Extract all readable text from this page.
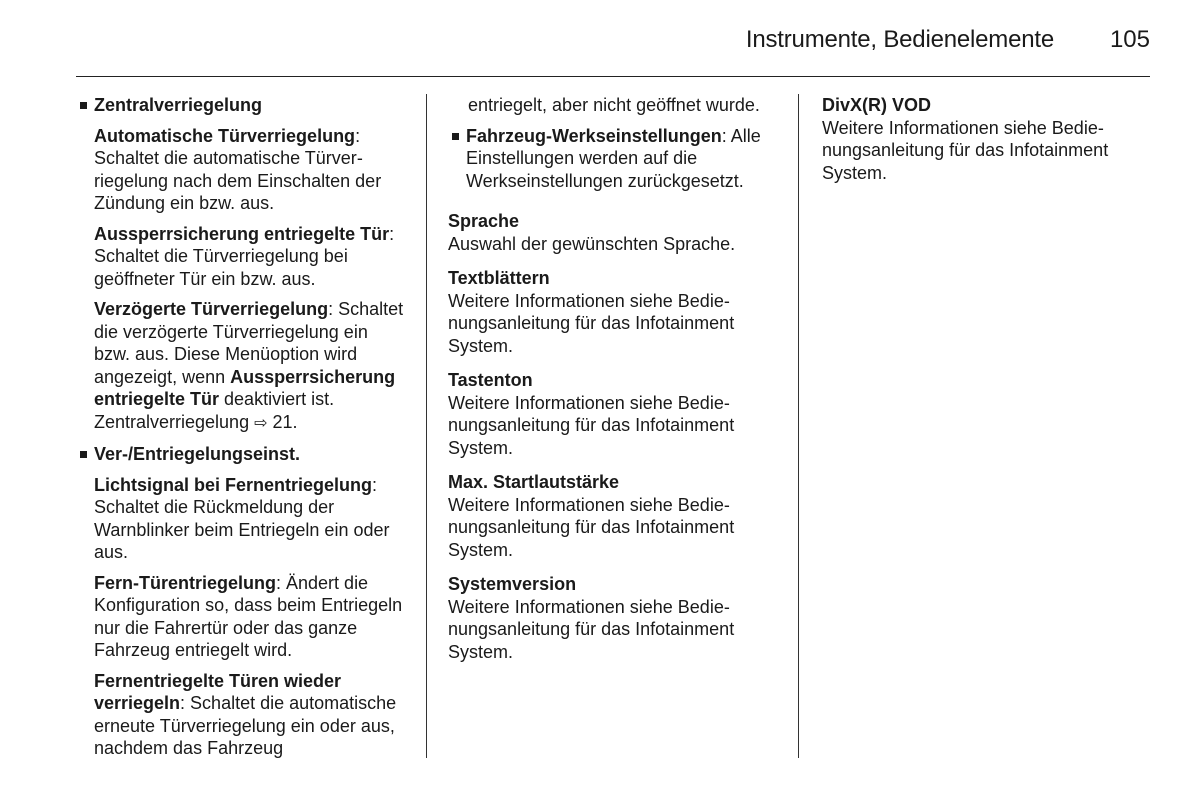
Instrumente, Bedienelemente 105
Zentralverriegelung
Automatische Türverriegelung: Schaltet die automatische Türverriegelung nach dem Einschalten der Zündung ein bzw. aus.
Aussperrsicherung entriegelte Tür: Schaltet die Türverriegelung bei geöffneter Tür ein bzw. aus.
Verzögerte Türverriegelung: Schaltet die verzögerte Türverriegelung ein bzw. aus. Diese Menüoption wird angezeigt, wenn Aussperrsicherung entriegelte Tür deaktiviert ist. Zentralverriegelung ⇨ 21.
Ver-/Entriegelungseinst.
Lichtsignal bei Fernentriegelung: Schaltet die Rückmeldung der Warnblinker beim Entriegeln ein oder aus.
Fern-Türentriegelung: Ändert die Konfiguration so, dass beim Entriegeln nur die Fahrertür oder das ganze Fahrzeug entriegelt wird.
Fernentriegelte Türen wieder verriegeln: Schaltet die automatische erneute Türverriegelung ein oder aus, nachdem das Fahrzeug
entriegelt, aber nicht geöffnet wurde.
Fahrzeug-Werkseinstellungen: Alle Einstellungen werden auf die Werkseinstellungen zurückgesetzt.
Sprache
Auswahl der gewünschten Sprache.
Textblättern
Weitere Informationen siehe Bedienungsanleitung für das Infotainment System.
Tastenton
Weitere Informationen siehe Bedienungsanleitung für das Infotainment System.
Max. Startlautstärke
Weitere Informationen siehe Bedienungsanleitung für das Infotainment System.
Systemversion
Weitere Informationen siehe Bedienungsanleitung für das Infotainment System.
DivX(R) VOD
Weitere Informationen siehe Bedienungsanleitung für das Infotainment System.
